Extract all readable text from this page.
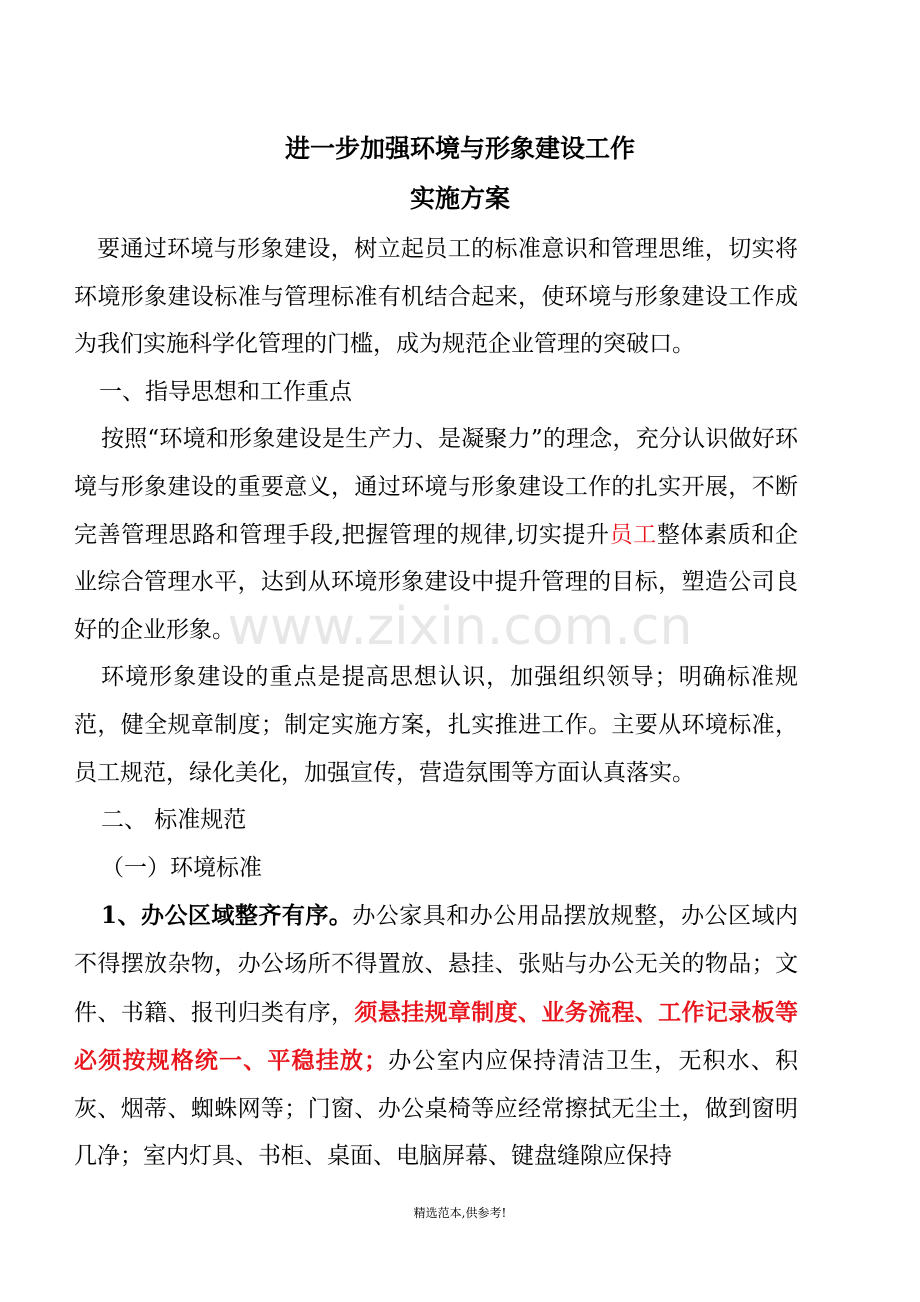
进一步加强环境与形象建设工作
实施方案

要通过环境与形象建设，树立起员工的标准意识和管理思维，切实将环境形象建设标准与管理标准有机结合起来，使环境与形象建设工作成为我们实施科学化管理的门槛，成为规范企业管理的突破口。

一、指导思想和工作重点

按照“环境和形象建设是生产力、是凝聚力”的理念，充分认识做好环境与形象建设的重要意义，通过环境与形象建设工作的扎实开展，不断完善管理思路和管理手段,把握管理的规律,切实提升员工整体素质和企业综合管理水平，达到从环境形象建设中提升管理的目标，塑造公司良好的企业形象。

环境形象建设的重点是提高思想认识，加强组织领导；明确标准规范，健全规章制度；制定实施方案，扎实推进工作。主要从环境标准，员工规范，绿化美化，加强宣传，营造氛围等方面认真落实。

二、 标准规范

（一）环境标准

1、办公区域整齐有序。办公家具和办公用品摆放规整，办公区域内不得摆放杂物，办公场所不得置放、悬挂、张贴与办公无关的物品；文件、书籍、报刊归类有序，须悬挂规章制度、业务流程、工作记录板等必须按规格统一、平稳挂放；办公室内应保持清洁卫生，无积水、积灰、烟蒂、蜘蛛网等；门窗、办公桌椅等应经常擦拭无尘土，做到窗明几净；室内灯具、书柜、桌面、电脑屏幕、键盘缝隙应保持

www.zixin.com.cn
精选范本,供参考!
